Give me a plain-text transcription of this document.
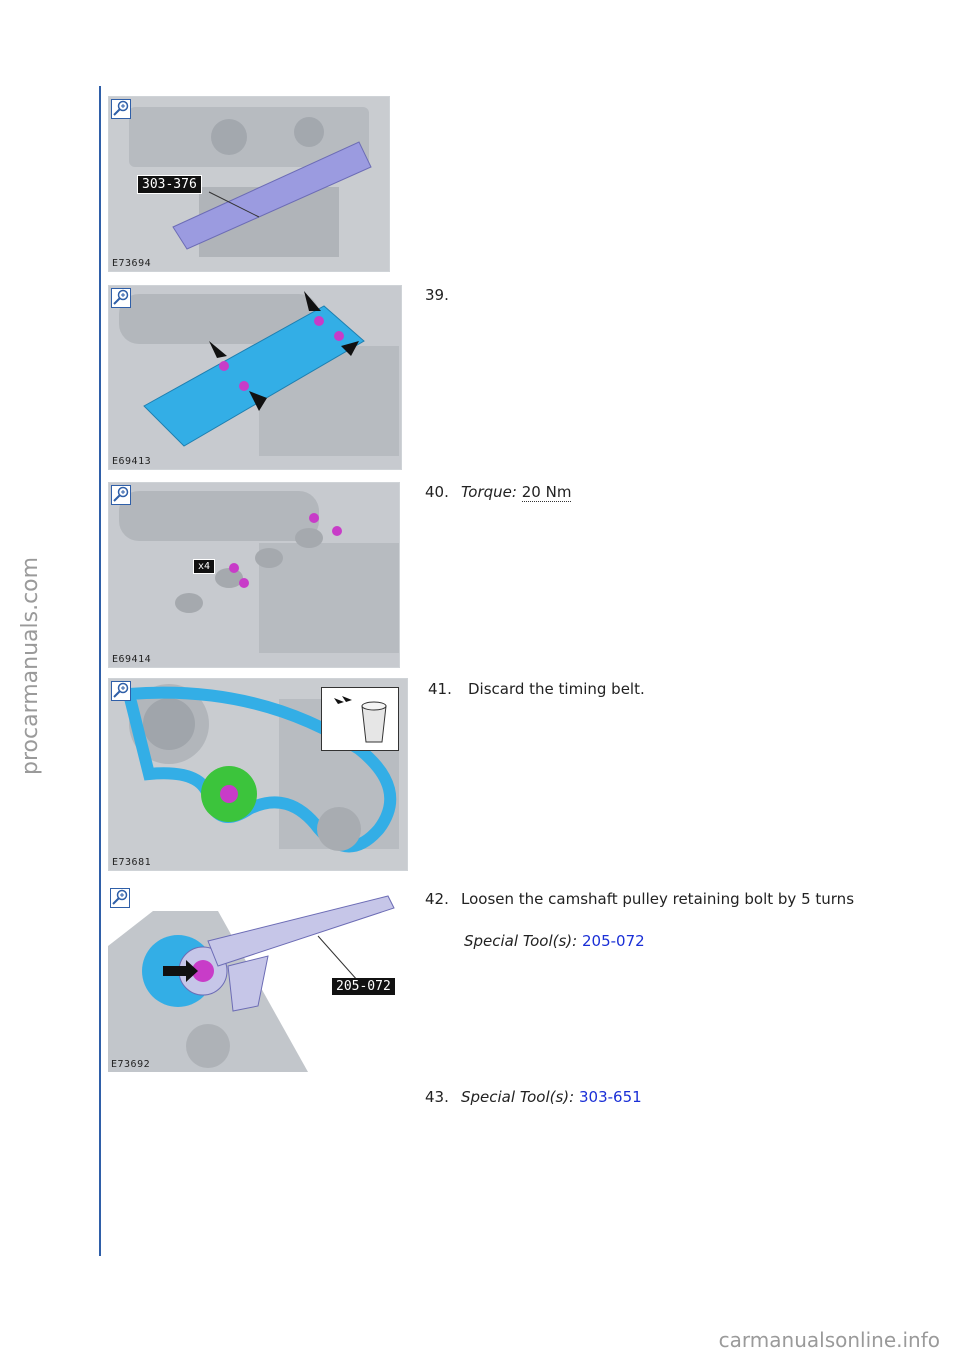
procarmanuals.com
303-376
E73694
E69413
39.
x4
E69414
40. Torque: 20 Nm
E73681
41. Discard the timing belt.
205-072
E73692
42. Loosen the camshaft pulley retaining bolt by 5 turns
Special Tool(s): 205-072
43. Special Tool(s): 303-651
carmanualsonline.info
